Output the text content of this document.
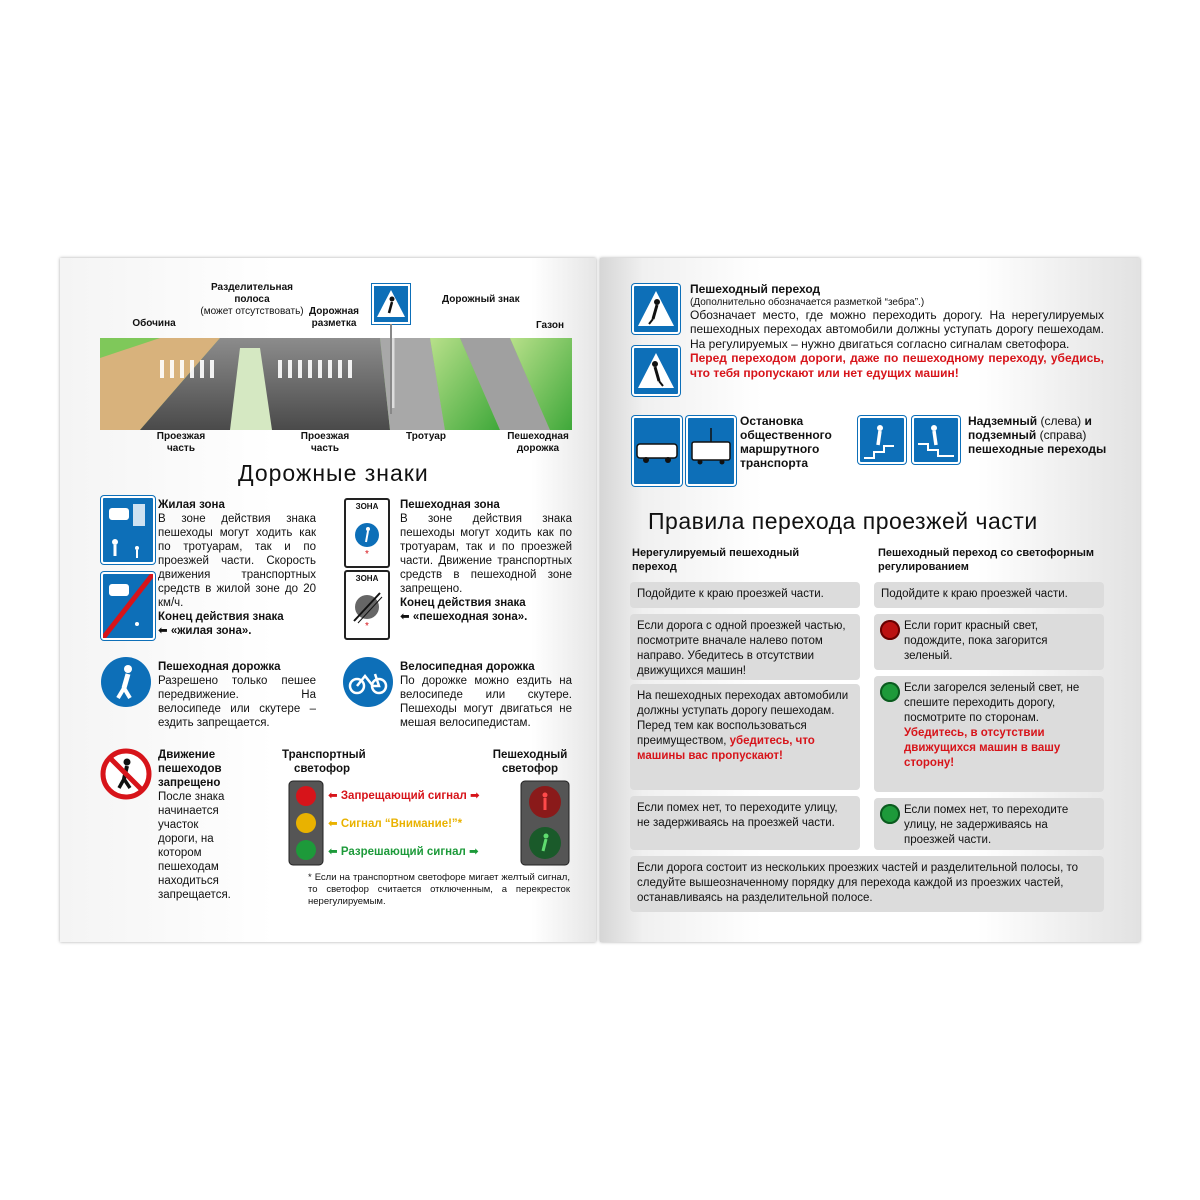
Разделительная полоса
(может отсутствовать)
Обочина
Дорожная разметка
Дорожный знак
Газон
Проезжая часть
Проезжая часть
Тротуар	Пешеходная дорожка
Дорожные знаки
Жилая зона
В зоне действия знака пешеходы могут ходить как по тротуарам, так и по проезжей части. Скорость движения транспортных средств в жилой зоне до 20 км/ч.
Конец действия знака
⬅ «жилая зона».
ЗОНА
*
ЗОНА
*
Пешеходная зона
В зоне действия знака пешеходы могут ходить как по тротуарам, так и по проезжей части. Движение транспортных средств в пешеходной зоне запрещено.
Конец действия знака
⬅ «пешеходная зона».
Пешеходная дорожка
Разрешено только пешее передвижение. На велосипеде или скутере – ездить запрещается.
Велосипедная дорожка
По дорожке можно ездить на велосипеде или скутере. Пешеходы могут двигаться не мешая велосипедистам.
Движение пешеходов запрещено
После знака начинается участок дороги, на котором пешеходам находиться запрещается.
Транспортный светофор
Пешеходный светофор
⬅ Запрещающий сигнал ➡
⬅ Сигнал “Внимание!”*
⬅ Разрешающий сигнал ➡
* Если на транспортном светофоре мигает желтый сигнал, то светофор считается отключенным, а перекресток нерегулируемым.
Пешеходный переход
(Дополнительно обозначается разметкой “зебра”.)
Обозначает место, где можно переходить дорогу. На нерегулируемых пешеходных переходах автомобили должны уступать дорогу пешеходам. На регулируемых – нужно двигаться согласно сигналам светофора.
Перед переходом дороги, даже по пешеходному переходу, убедись, что тебя пропускают или нет едущих машин!
Остановка общественного маршрутного транспорта
Надземный (слева) и подземный (справа) пешеходные переходы
Правила перехода проезжей части
Нерегулируемый пешеходный переход
Пешеходный переход со светофорным регулированием
Подойдите к краю проезжей части.
Если дорога с одной проезжей частью, посмотрите вначале налево потом направо. Убедитесь в отсутствии движущихся машин!
На пешеходных переходах автомобили должны уступать дорогу пешеходам. Перед тем как воспользоваться преимуществом, убедитесь, что машины вас пропускают!
Если помех нет, то переходите улицу, не задерживаясь на проезжей части.
Подойдите к краю проезжей части.
Если горит красный свет, подождите, пока загорится зеленый.
Если загорелся зеленый свет, не спешите переходить дорогу, посмотрите по сторонам. Убедитесь, в отсутствии движущихся машин в вашу сторону!
Если помех нет, то переходите улицу, не задерживаясь на проезжей части.
Если дорога состоит из нескольких проезжих частей и разделительной полосы, то следуйте вышеозначенному порядку для перехода каждой из проезжих частей, останавливаясь на разделительной полосе.
